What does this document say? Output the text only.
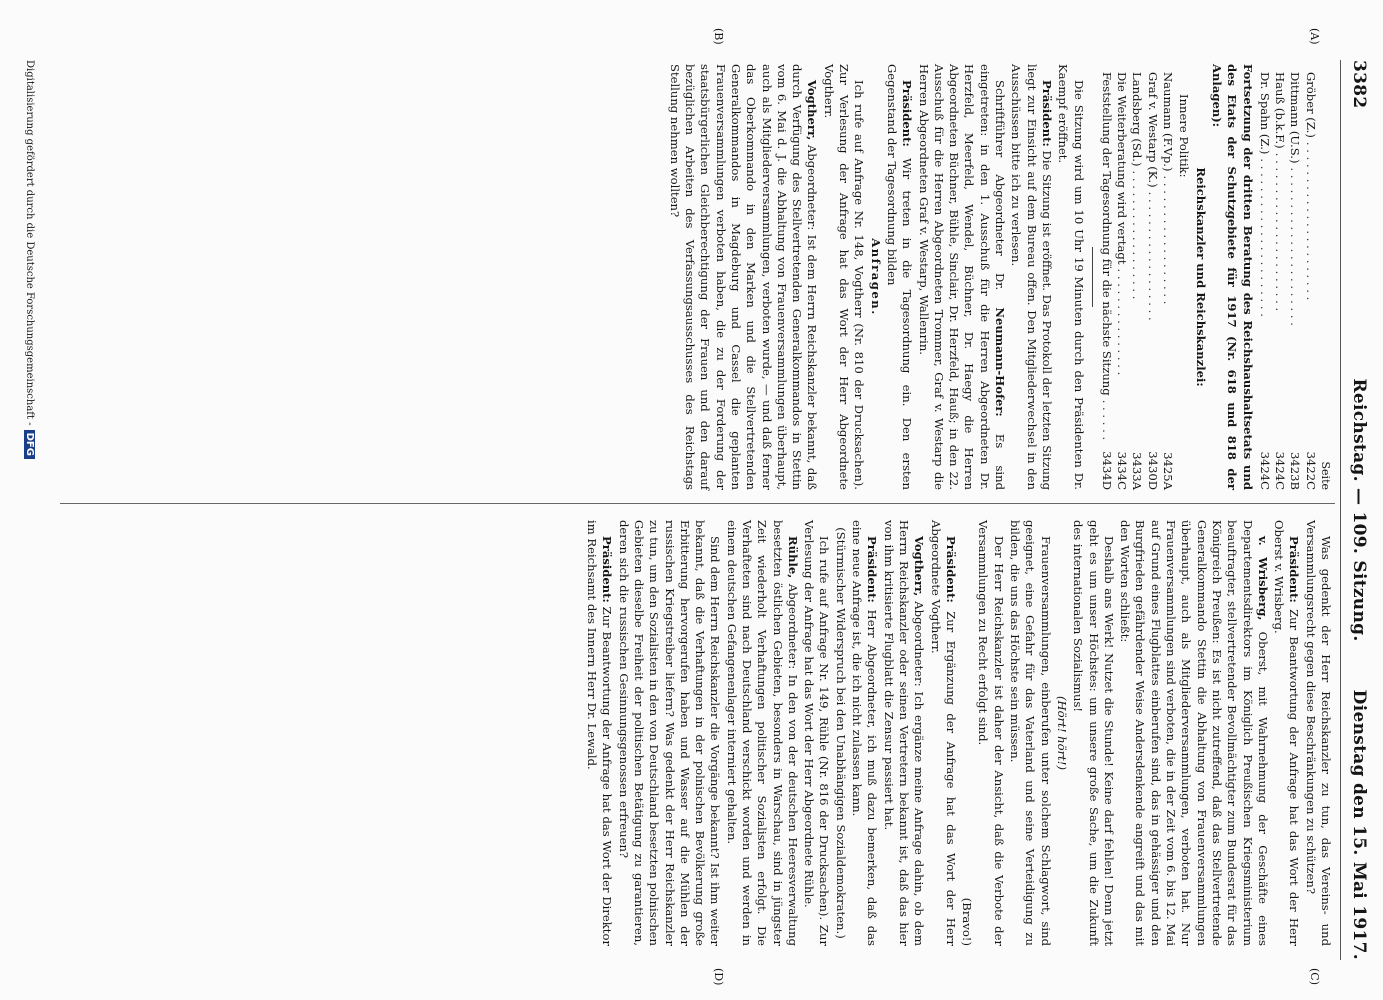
3382
Reichstag. — 109. Sitzung.
Dienstag den 15. Mai 1917.
(A)
(B)
(C)
(D)
Seite
Gröber (Z.)
. . . . . . . . . . . . . . . . . . . . . .
3422C
Dittmann (U.S.)
. . . . . . . . . . . . . . . . . . . . . .
3423B
Hauß (b.k.F.)
. . . . . . . . . . . . . . . . . . . . . .
3424C
Dr. Spahn (Z.)
. . . . . . . . . . . . . . . . . . . . . .
3424C

Fortsetzung der dritten Beratung des Reichshaushaltsetats und des Etats der Schutzgebiete für 1917 (Nr. 618 und 818 der Anlagen):

Reichskanzler und Reichskanzlei:

Innere Politik:

Naumann (F.Vp.)
. . . . . . . . . . . . . . . . . .
3425A
Graf v. Westarp (K.)
. . . . . . . . . . . . . . . . . .
3430D
Landsberg (Sd.)
. . . . . . . . . . . . . . . . . .
3433A
Die Weiterberatung wird vertagt
. . . . . . . . . . . . . . .
3434C
Feststellung der Tagesordnung für die nächste Sitzung
. . . . . .
3434D

Die Sitzung wird um 10 Uhr 19 Minuten durch den Präsidenten Dr. Kaempf eröffnet.

Präsident: Die Sitzung ist eröffnet. Das Protokoll der letzten Sitzung liegt zur Einsicht auf dem Bureau offen. Den Mitgliederwechsel in den Ausschüssen bitte ich zu verlesen.

Schriftführer Abgeordneter Dr. Neumann-Hofer: Es sind eingetreten: in den 1. Ausschuß für die Herren Abgeordneten Dr. Herzfeld, Meerfeld, Wendel, Büchner, Dr. Haegy die Herren Abgeordneten Büchner, Bühle, Sinclair, Dr. Herzfeld, Hauß; in den 22. Ausschuß für die Herren Abgeordneten Trommer, Graf v. Westarp die Herren Abgeordneten Graf v. Westarp, Wallenrin.

Präsident: Wir treten in die Tagesordnung ein. Den ersten Gegenstand der Tagesordnung bilden

Anfragen.

Ich rufe auf Anfrage Nr. 148, Vogtherr (Nr. 810 der Drucksachen). Zur Verlesung der Anfrage hat das Wort der Herr Abgeordnete Vogtherr.

Vogtherr, Abgeordneter: Ist dem Herrn Reichskanzler bekannt, daß durch Verfügung des Stellvertretenden Generalkommandos in Stettin vom 6. Mai d. J. die Abhaltung von Frauenversammlungen überhaupt, auch als Mitgliederversammlungen, verboten wurde, — und daß ferner das Oberkommando in den Marken und die Stellvertretenden Generalkommandos in Magdeburg und Cassel die geplanten Frauenversammlungen verboten haben, die zu der Forderung der staatsbürgerlichen Gleichberechtigung der Frauen und den darauf bezüglichen Arbeiten des Verfassungsausschusses des Reichstags Stellung nehmen wollten?

Was gedenkt der Herr Reichskanzler zu tun, das Vereins- und Versammlungsrecht gegen diese Beschränkungen zu schützen?

Präsident: Zur Beantwortung der Anfrage hat das Wort der Herr Oberst v. Wrisberg.

v. Wrisberg, Oberst, mit Wahrnehmung der Geschäfte eines Departementsdirektors im Königlich Preußischen Kriegsministerium beauftragter, stellvertretender Bevollmächtigter zum Bundesrat für das Königreich Preußen: Es ist nicht zutreffend, daß das Stellvertretende Generalkommando Stettin die Abhaltung von Frauenversammlungen überhaupt, auch als Mitgliederversammlungen, verboten hat. Nur Frauenversammlungen sind verboten, die in der Zeit vom 6. bis 12. Mai auf Grund eines Flugblattes einberufen sind, das in gehässiger und den Burgfrieden gefährdender Weise Andersdenkende angreift und das mit den Worten schließt:

Deshalb ans Werk! Nutzet die Stunde! Keine darf fehlen! Denn jetzt geht es um unser Höchstes: um unsere große Sache, um die Zukunft des internationalen Sozialismus!

(Hört! hört!)

Frauenversammlungen, einberufen unter solchem Schlagwort, sind geeignet, eine Gefahr für das Vaterland und seine Verteidigung zu bilden, die uns das Höchste sein müssen.

Der Herr Reichskanzler ist daher der Ansicht, daß die Verbote der Versammlungen zu Recht erfolgt sind.

(Bravo!)

Präsident: Zur Ergänzung der Anfrage hat das Wort der Herr Abgeordnete Vogtherr.

Vogtherr, Abgeordneter: Ich ergänze meine Anfrage dahin, ob dem Herrn Reichskanzler oder seinen Vertretern bekannt ist, daß das hier von ihm kritisierte Flugblatt die Zensur passiert hat.

Präsident: Herr Abgeordneter, ich muß dazu bemerken, daß das eine neue Anfrage ist, die ich nicht zulassen kann.

(Stürmischer Widerspruch bei den Unabhängigen Sozialdemokraten.)

Ich rufe auf Anfrage Nr. 149, Rühle (Nr. 816 der Drucksachen). Zur Verlesung der Anfrage hat das Wort der Herr Abgeordnete Rühle.

Rühle, Abgeordneter: In den von der deutschen Heeresverwaltung besetzten östlichen Gebieten, besonders in Warschau, sind in jüngster Zeit wiederholt Verhaftungen politischer Sozialisten erfolgt. Die Verhafteten sind nach Deutschland verschickt worden und werden in einem deutschen Gefangenenlager interniert gehalten.

Sind dem Herrn Reichskanzler die Vorgänge bekannt? Ist ihm weiter bekannt, daß die Verhaftungen in der polnischen Bevölkerung große Erbitterung hervorgerufen haben und Wasser auf die Mühlen der russischen Kriegstreiber liefern? Was gedenkt der Herr Reichskanzler zu tun, um den Sozialisten in den von Deutschland besetzten polnischen Gebieten dieselbe Freiheit der politischen Betätigung zu garantieren, deren sich die russischen Gesinnungsgenossen erfreuen?

Präsident: Zur Beantwortung der Anfrage hat das Wort der Direktor im Reichsamt des Innern Herr Dr. Lewald.

Digitalisierung gefördert durch die Deutsche Forschungsgemeinschaft -DFG
